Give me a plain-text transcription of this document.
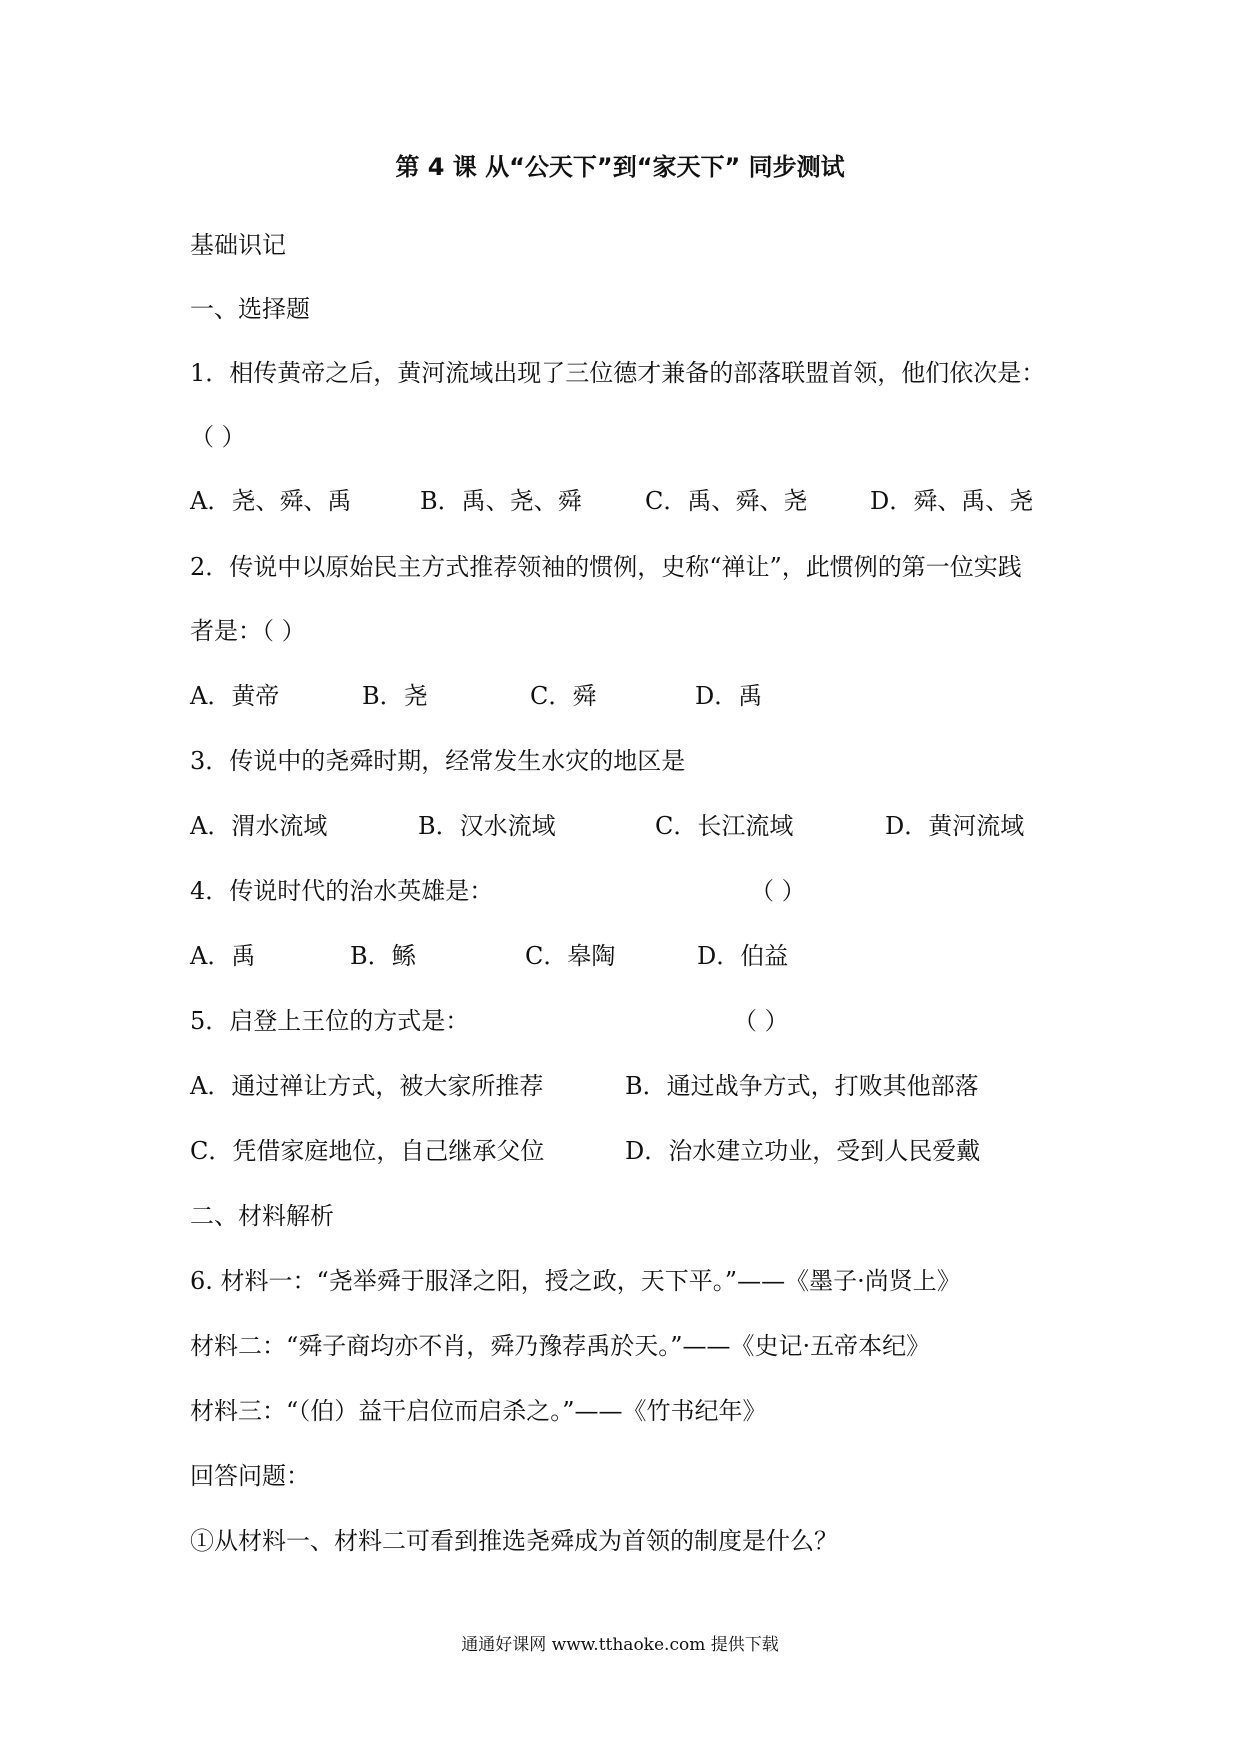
第 4 课 从“公天下”到“家天下” 同步测试
基础识记
一、选择题
1．相传黄帝之后，黄河流域出现了三位德才兼备的部落联盟首领，他们依次是：
（ ）
A．尧、舜、禹	B．禹、尧、舜	C．禹、舜、尧	D．舜、禹、尧
2．传说中以原始民主方式推荐领袖的惯例，史称“禅让”，此惯例的第一位实践
者是：（ ）
A．黄帝	B．尧	C．舜	D．禹
3．传说中的尧舜时期，经常发生水灾的地区是
A．渭水流域	B．汉水流域	C．长江流域	D．黄河流域
4．传说时代的治水英雄是：	（ ）
A．禹	B．鲧	C．皋陶	D．伯益
5．启登上王位的方式是：	（ ）
A．通过禅让方式，被大家所推荐	B．通过战争方式，打败其他部落
C．凭借家庭地位，自己继承父位	D．治水建立功业，受到人民爱戴
二、材料解析
6. 材料一：“尧举舜于服泽之阳，授之政，天下平。”——《墨子·尚贤上》
材料二：“舜子商均亦不肖，舜乃豫荐禹於天。”——《史记·五帝本纪》
材料三：“（伯）益干启位而启杀之。”——《竹书纪年》
回答问题：
①从材料一、材料二可看到推选尧舜成为首领的制度是什么？
通通好课网 www.tthaoke.com 提供下载
